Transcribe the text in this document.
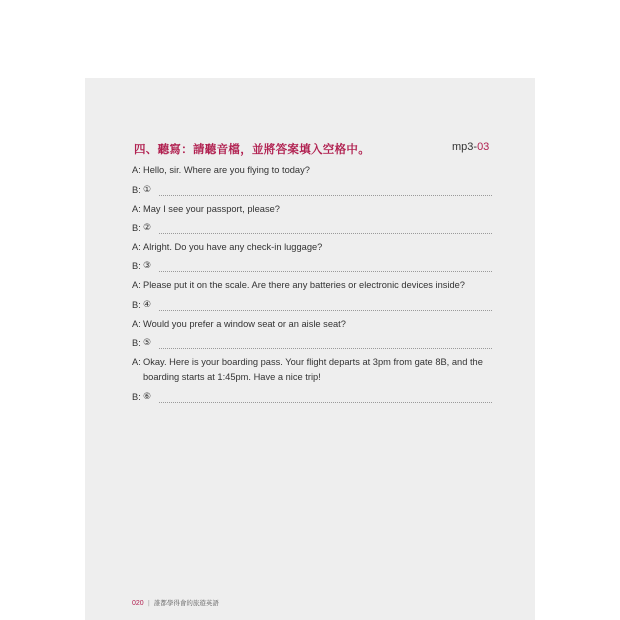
四、聽寫：請聽音檔，並將答案填入空格中。	mp3-03
A: Hello, sir. Where are you flying to today?
B: ①
A: May I see your passport, please?
B: ②
A: Alright. Do you have any check-in luggage?
B: ③
A: Please put it on the scale. Are there any batteries or electronic devices inside?
B: ④
A: Would you prefer a window seat or an aisle seat?
B: ⑤
A: Okay. Here is your boarding pass. Your flight departs at 3pm from gate 8B, and the boarding starts at 1:45pm. Have a nice trip!
B: ⑥
020 | 誰都學得會的旅遊英語
